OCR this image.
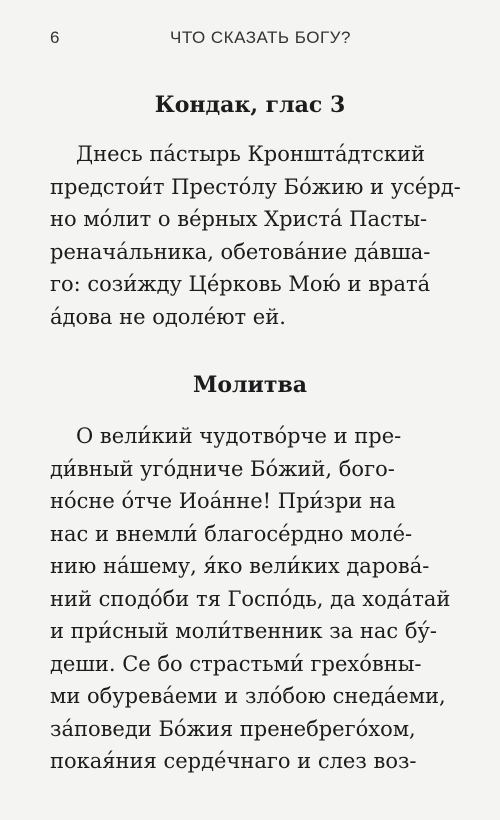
6	ЧТО СКАЗАТЬ БОГУ?
Кондак, глас 3
Днесь па́стырь Кроншта́дтский
предстои́т Престо́лу Бо́жию и усе́рд-
но мо́лит о ве́рных Христа́ Пасты-
ренача́льника, обетова́ние да́вша-
го: сози́жду Це́рковь Мою́ и врата́
а́дова не одоле́ют ей.
Молитва
О вели́кий чудотво́рче и пре-
ди́вный уго́дниче Бо́жий, бого-
но́сне о́тче Иоа́нне! При́зри на
нас и внемли́ благосе́рдно моле́-
нию на́шему, я́ко вели́ких дарова́-
ний сподо́би тя Госпо́дь, да хода́тай
и при́сный моли́твенник за нас бу́-
деши. Се бо страстьми́ грехо́вны-
ми обурева́еми и зло́бою снеда́еми,
за́поведи Бо́жия пренебрего́хом,
покая́ния серде́чнаго и слез воз-
